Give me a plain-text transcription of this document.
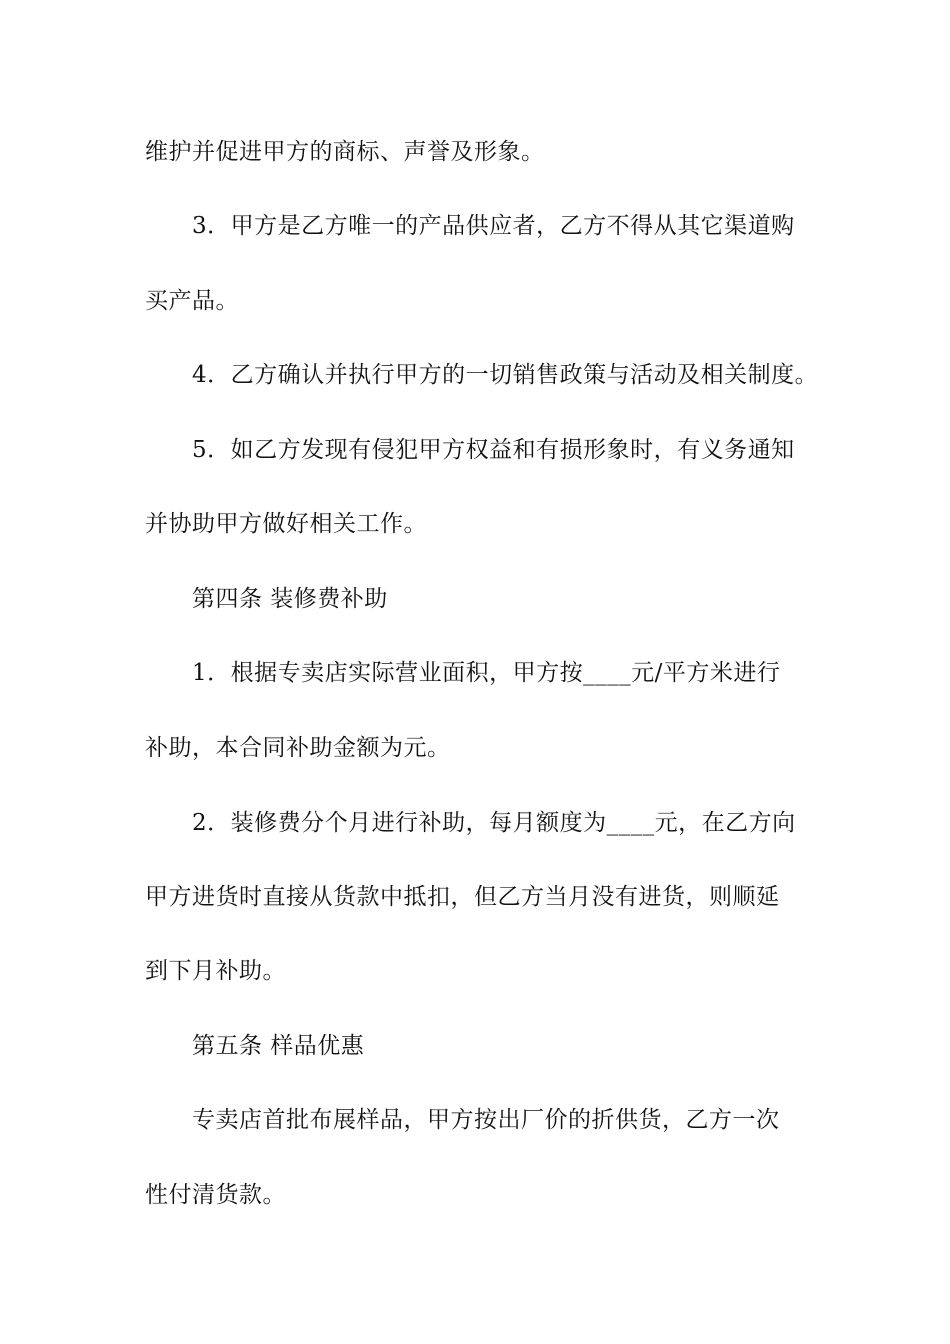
维护并促进甲方的商标、声誉及形象。
3．甲方是乙方唯一的产品供应者，乙方不得从其它渠道购
买产品。
4．乙方确认并执行甲方的一切销售政策与活动及相关制度。
5．如乙方发现有侵犯甲方权益和有损形象时，有义务通知
并协助甲方做好相关工作。
第四条 装修费补助
1．根据专卖店实际营业面积，甲方按____元/平方米进行
补助，本合同补助金额为元。
2．装修费分个月进行补助，每月额度为____元，在乙方向
甲方进货时直接从货款中抵扣，但乙方当月没有进货，则顺延
到下月补助。
第五条 样品优惠
专卖店首批布展样品，甲方按出厂价的折供货，乙方一次
性付清货款。
